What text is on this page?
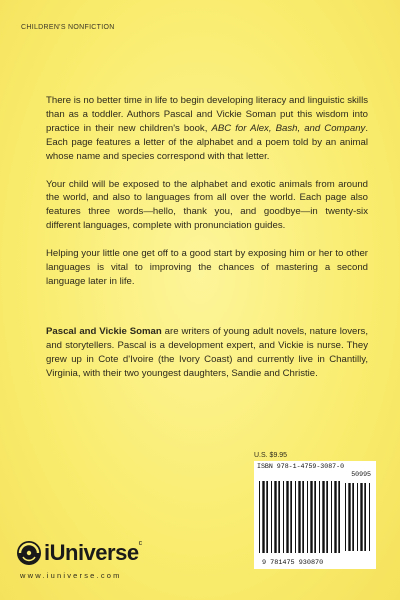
CHILDREN'S NONFICTION

There is no better time in life to begin developing literacy and linguistic skills than as a toddler. Authors Pascal and Vickie Soman put this wisdom into practice in their new children's book, ABC for Alex, Bash, and Company. Each page features a letter of the alphabet and a poem told by an animal whose name and species correspond with that letter.

Your child will be exposed to the alphabet and exotic animals from around the world, and also to languages from all over the world. Each page also features three words—hello, thank you, and goodbye—in twenty-six different languages, complete with pronunciation guides.

Helping your little one get off to a good start by exposing him or her to other languages is vital to improving the chances of mastering a second language later in life.

Pascal and Vickie Soman are writers of young adult novels, nature lovers, and storytellers. Pascal is a development expert, and Vickie is nurse. They grew up in Cote d'Ivoire (the Ivory Coast) and currently live in Chantilly, Virginia, with their two youngest daughters, Sandie and Christie.

U.S. $9.95
ISBN 978-1-4759-3087-0
50995
9 781475 930870
iUniverse$^c$
www.iuniverse.com
